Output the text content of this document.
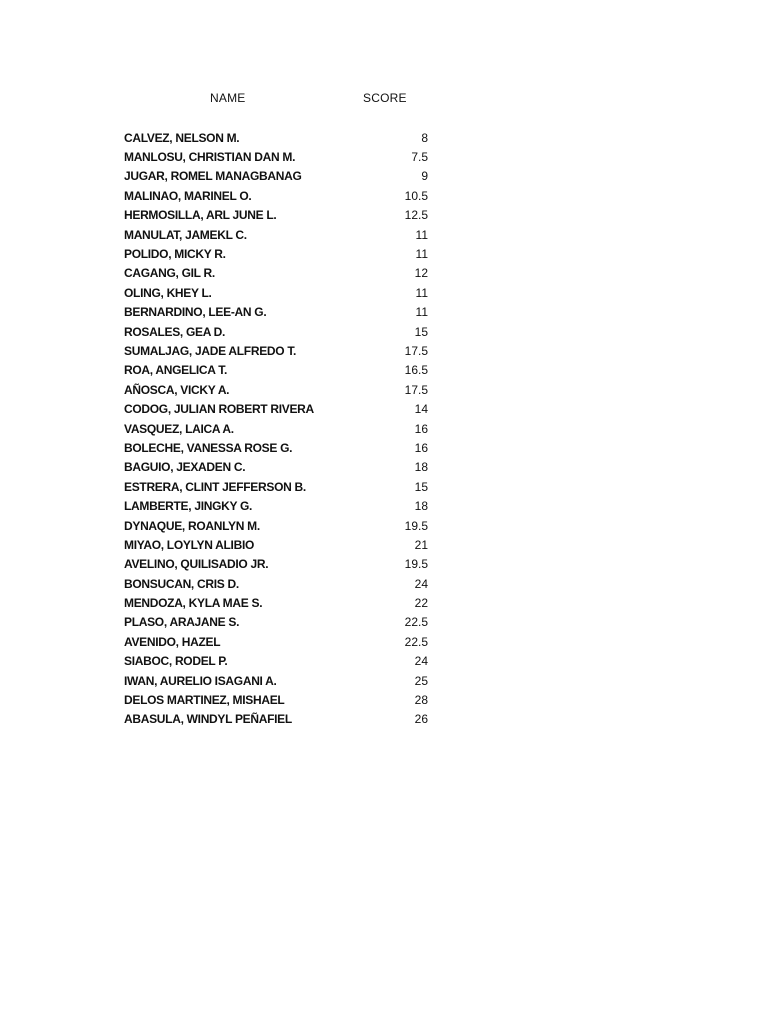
NAME	SCORE
CALVEZ, NELSON M.	8
MANLOSU, CHRISTIAN DAN M.	7.5
JUGAR, ROMEL MANAGBANAG	9
MALINAO, MARINEL O.	10.5
HERMOSILLA, ARL JUNE L.	12.5
MANULAT, JAMEKL C.	11
POLIDO, MICKY R.	11
CAGANG, GIL R.	12
OLING, KHEY L.	11
BERNARDINO, LEE-AN G.	11
ROSALES, GEA D.	15
SUMALJAG, JADE ALFREDO T.	17.5
ROA, ANGELICA T.	16.5
AÑOSCA, VICKY A.	17.5
CODOG, JULIAN ROBERT RIVERA	14
VASQUEZ, LAICA A.	16
BOLECHE, VANESSA ROSE G.	16
BAGUIO, JEXADEN C.	18
ESTRERA, CLINT JEFFERSON B.	15
LAMBERTE, JINGKY G.	18
DYNAQUE, ROANLYN M.	19.5
MIYAO, LOYLYN ALIBIO	21
AVELINO, QUILISADIO JR.	19.5
BONSUCAN, CRIS D.	24
MENDOZA, KYLA MAE S.	22
PLASO, ARAJANE S.	22.5
AVENIDO, HAZEL	22.5
SIABOC, RODEL P.	24
IWAN, AURELIO ISAGANI A.	25
DELOS MARTINEZ, MISHAEL	28
ABASULA, WINDYL PEÑAFIEL	26
